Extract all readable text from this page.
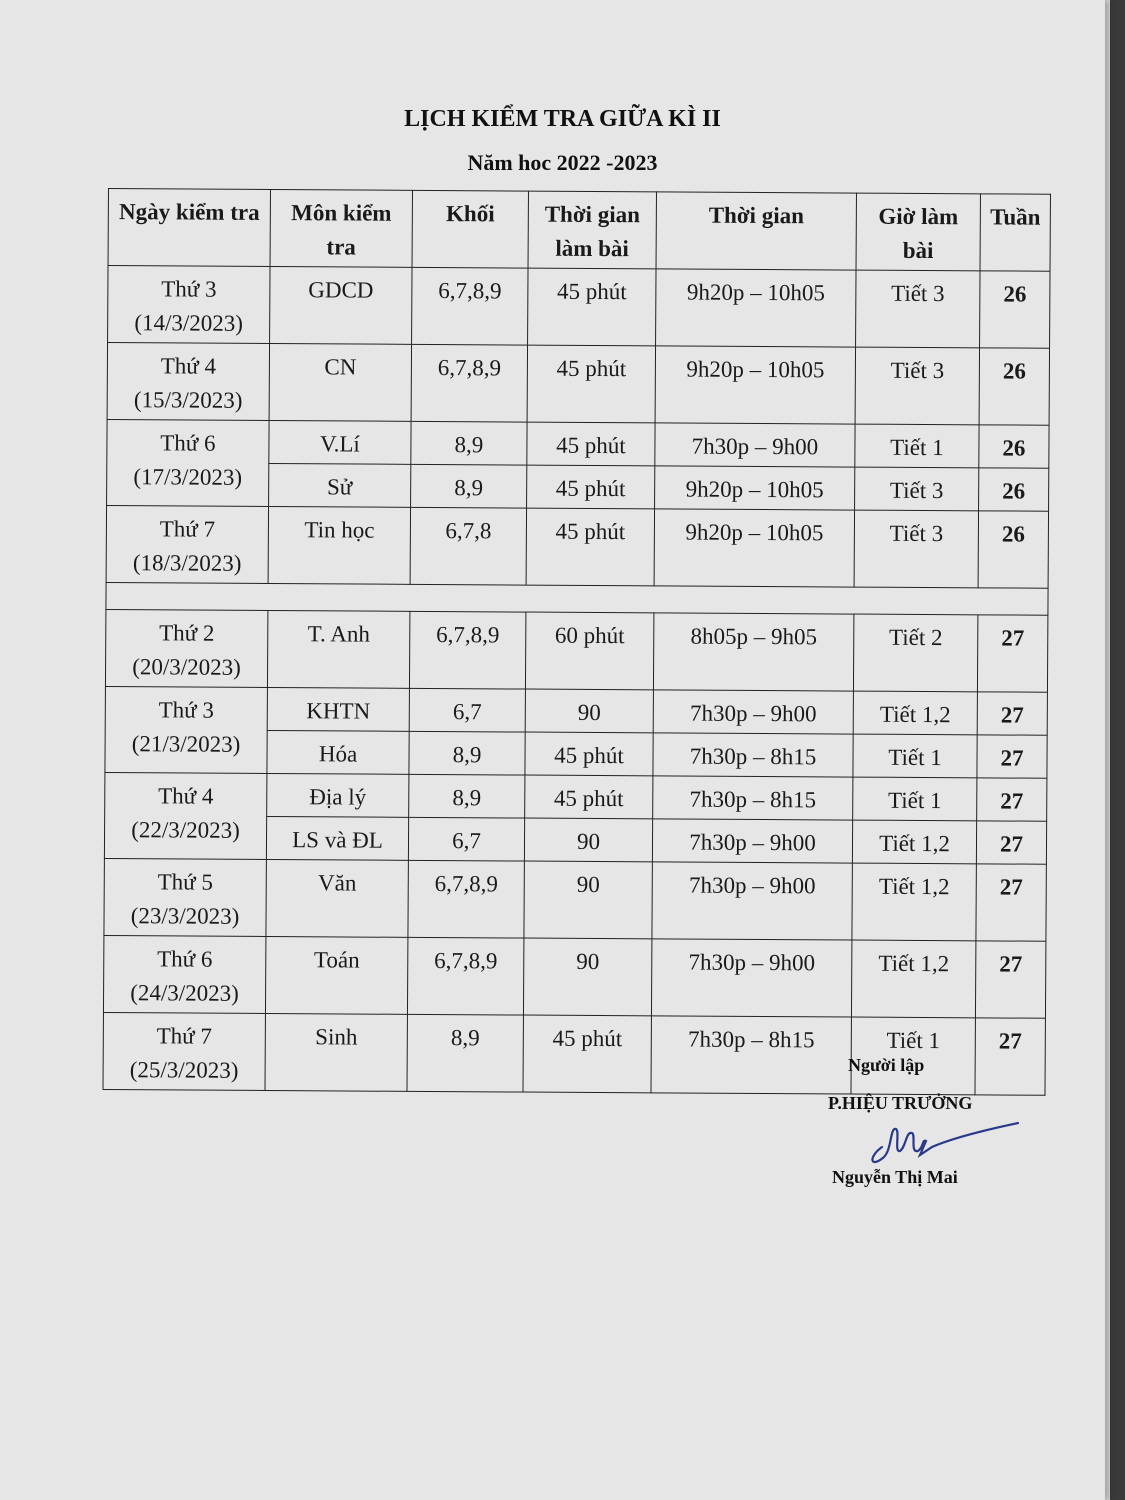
LỊCH KIỂM TRA GIỮA KÌ II
Năm hoc 2022 -2023
Ngày kiểm tra	Môn kiểm tra	Khối	Thời gian làm bài	Thời gian	Giờ làm bài	Tuần

Thứ 3
(14/3/2023)	GDCD	6,7,8,9	45 phút	9h20p – 10h05	Tiết 3	26

Thứ 4
(15/3/2023)	CN	6,7,8,9	45 phút	9h20p – 10h05	Tiết 3	26

Thứ 6
(17/3/2023)	V.Lí	8,9	45 phút	7h30p – 9h00	Tiết 1	26
	Sử	8,9	45 phút	9h20p – 10h05	Tiết 3	26

Thứ 7
(18/3/2023)	Tin học	6,7,8	45 phút	9h20p – 10h05	Tiết 3	26

Thứ 2
(20/3/2023)	T. Anh	6,7,8,9	60 phút	8h05p – 9h05	Tiết 2	27

Thứ 3
(21/3/2023)	KHTN	6,7	90	7h30p – 9h00	Tiết 1,2	27
	Hóa	8,9	45 phút	7h30p – 8h15	Tiết 1	27

Thứ 4
(22/3/2023)	Địa lý	8,9	45 phút	7h30p – 8h15	Tiết 1	27
	LS và ĐL	6,7	90	7h30p – 9h00	Tiết 1,2	27

Thứ 5
(23/3/2023)	Văn	6,7,8,9	90	7h30p – 9h00	Tiết 1,2	27

Thứ 6
(24/3/2023)	Toán	6,7,8,9	90	7h30p – 9h00	Tiết 1,2	27

Thứ 7
(25/3/2023)	Sinh	8,9	45 phút	7h30p – 8h15	Tiết 1	27
Người lập
P.HIỆU TRƯỞNG
Nguyễn Thị Mai
